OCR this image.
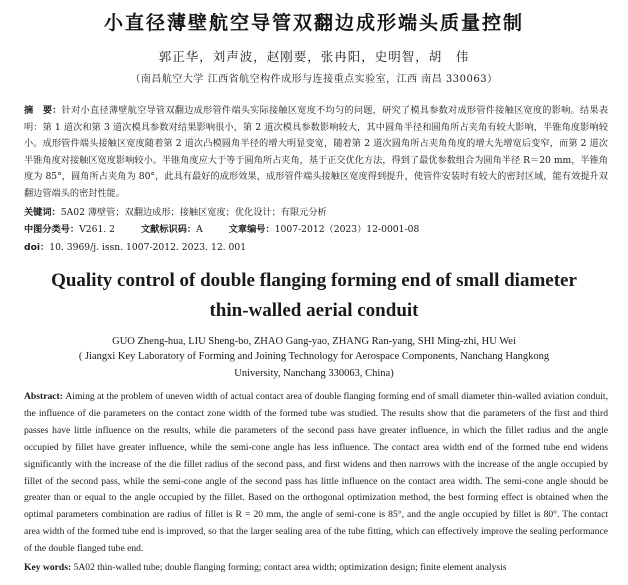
小直径薄壁航空导管双翻边成形端头质量控制
郭正华，刘声波，赵刚要，张冉阳，史明智，胡　伟
（南昌航空大学 江西省航空构件成形与连接重点实验室，江西 南昌 330063）
摘　要：针对小直径薄壁航空导管双翻边成形管件端头实际接触区宽度不均匀的问题，研究了模具参数对成形管件接触区宽度的影响。结果表明：第 1 道次和第 3 道次模具参数对结果影响很小，第 2 道次模具参数影响较大，其中圆角半径和圆角所占夹角有较大影响，半锥角度影响较小。成形管件端头接触区宽度随着第 2 道次凸模圆角半径的增大明显变宽，随着第 2 道次圆角所占夹角角度的增大先增宽后变窄，而第 2 道次半锥角度对接触区宽度影响较小。半锥角度应大于等于圆角所占夹角，基于正交优化方法，得到了最优参数组合为圆角半径 R＝20 mm，半锥角度为 85°，圆角所占夹角为 80°，此具有最好的成形效果，成形管件端头接触区宽度得到提升，使管件安装时有较大的密封区域，能有效提升双翻边管端头的密封性能。
关键词：5A02 薄壁管；双翻边成形；接触区宽度；优化设计；有限元分析
中图分类号：V261. 2	文献标识码：A	文章编号：1007-2012（2023）12-0001-08
doi：10. 3969/j. issn. 1007-2012. 2023. 12. 001
Quality control of double flanging forming end of small diameter thin-walled aerial conduit
GUO Zheng-hua, LIU Sheng-bo, ZHAO Gang-yao, ZHANG Ran-yang, SHI Ming-zhi, HU Wei
( Jiangxi Key Laboratory of Forming and Joining Technology for Aerospace Components, Nanchang Hangkong University, Nanchang 330063, China)
Abstract: Aiming at the problem of uneven width of actual contact area of double flanging forming end of small diameter thin-walled aviation conduit, the influence of die parameters on the contact zone width of the formed tube was studied. The results show that die parameters of the first and third passes have little influence on the results, while die parameters of the second pass have greater influence, in which the fillet radius and the angle occupied by fillet have greater influence, while the semi-cone angle has less influence. The contact area width end of the formed tube end widens significantly with the increase of the die fillet radius of the second pass, and first widens and then narrows with the increase of the angle occupied by fillet of the second pass, while the semi-cone angle of the second pass has little influence on the contact area width. The semi-cone angle should be greater than or equal to the angle occupied by the fillet. Based on the orthogonal optimization method, the best forming effect is obtained when the optimal parameters combination are radius of fillet is R = 20 mm, the angle of semi-cone is 85°, and the angle occupied by fillet is 80°. The contact area width of the formed tube end is improved, so that the larger sealing area of the tube fitting, which can effectively improve the sealing performance of the double flanged tube end.
Key words: 5A02 thin-walled tube; double flanging forming; contact area width; optimization design; finite element analysis
